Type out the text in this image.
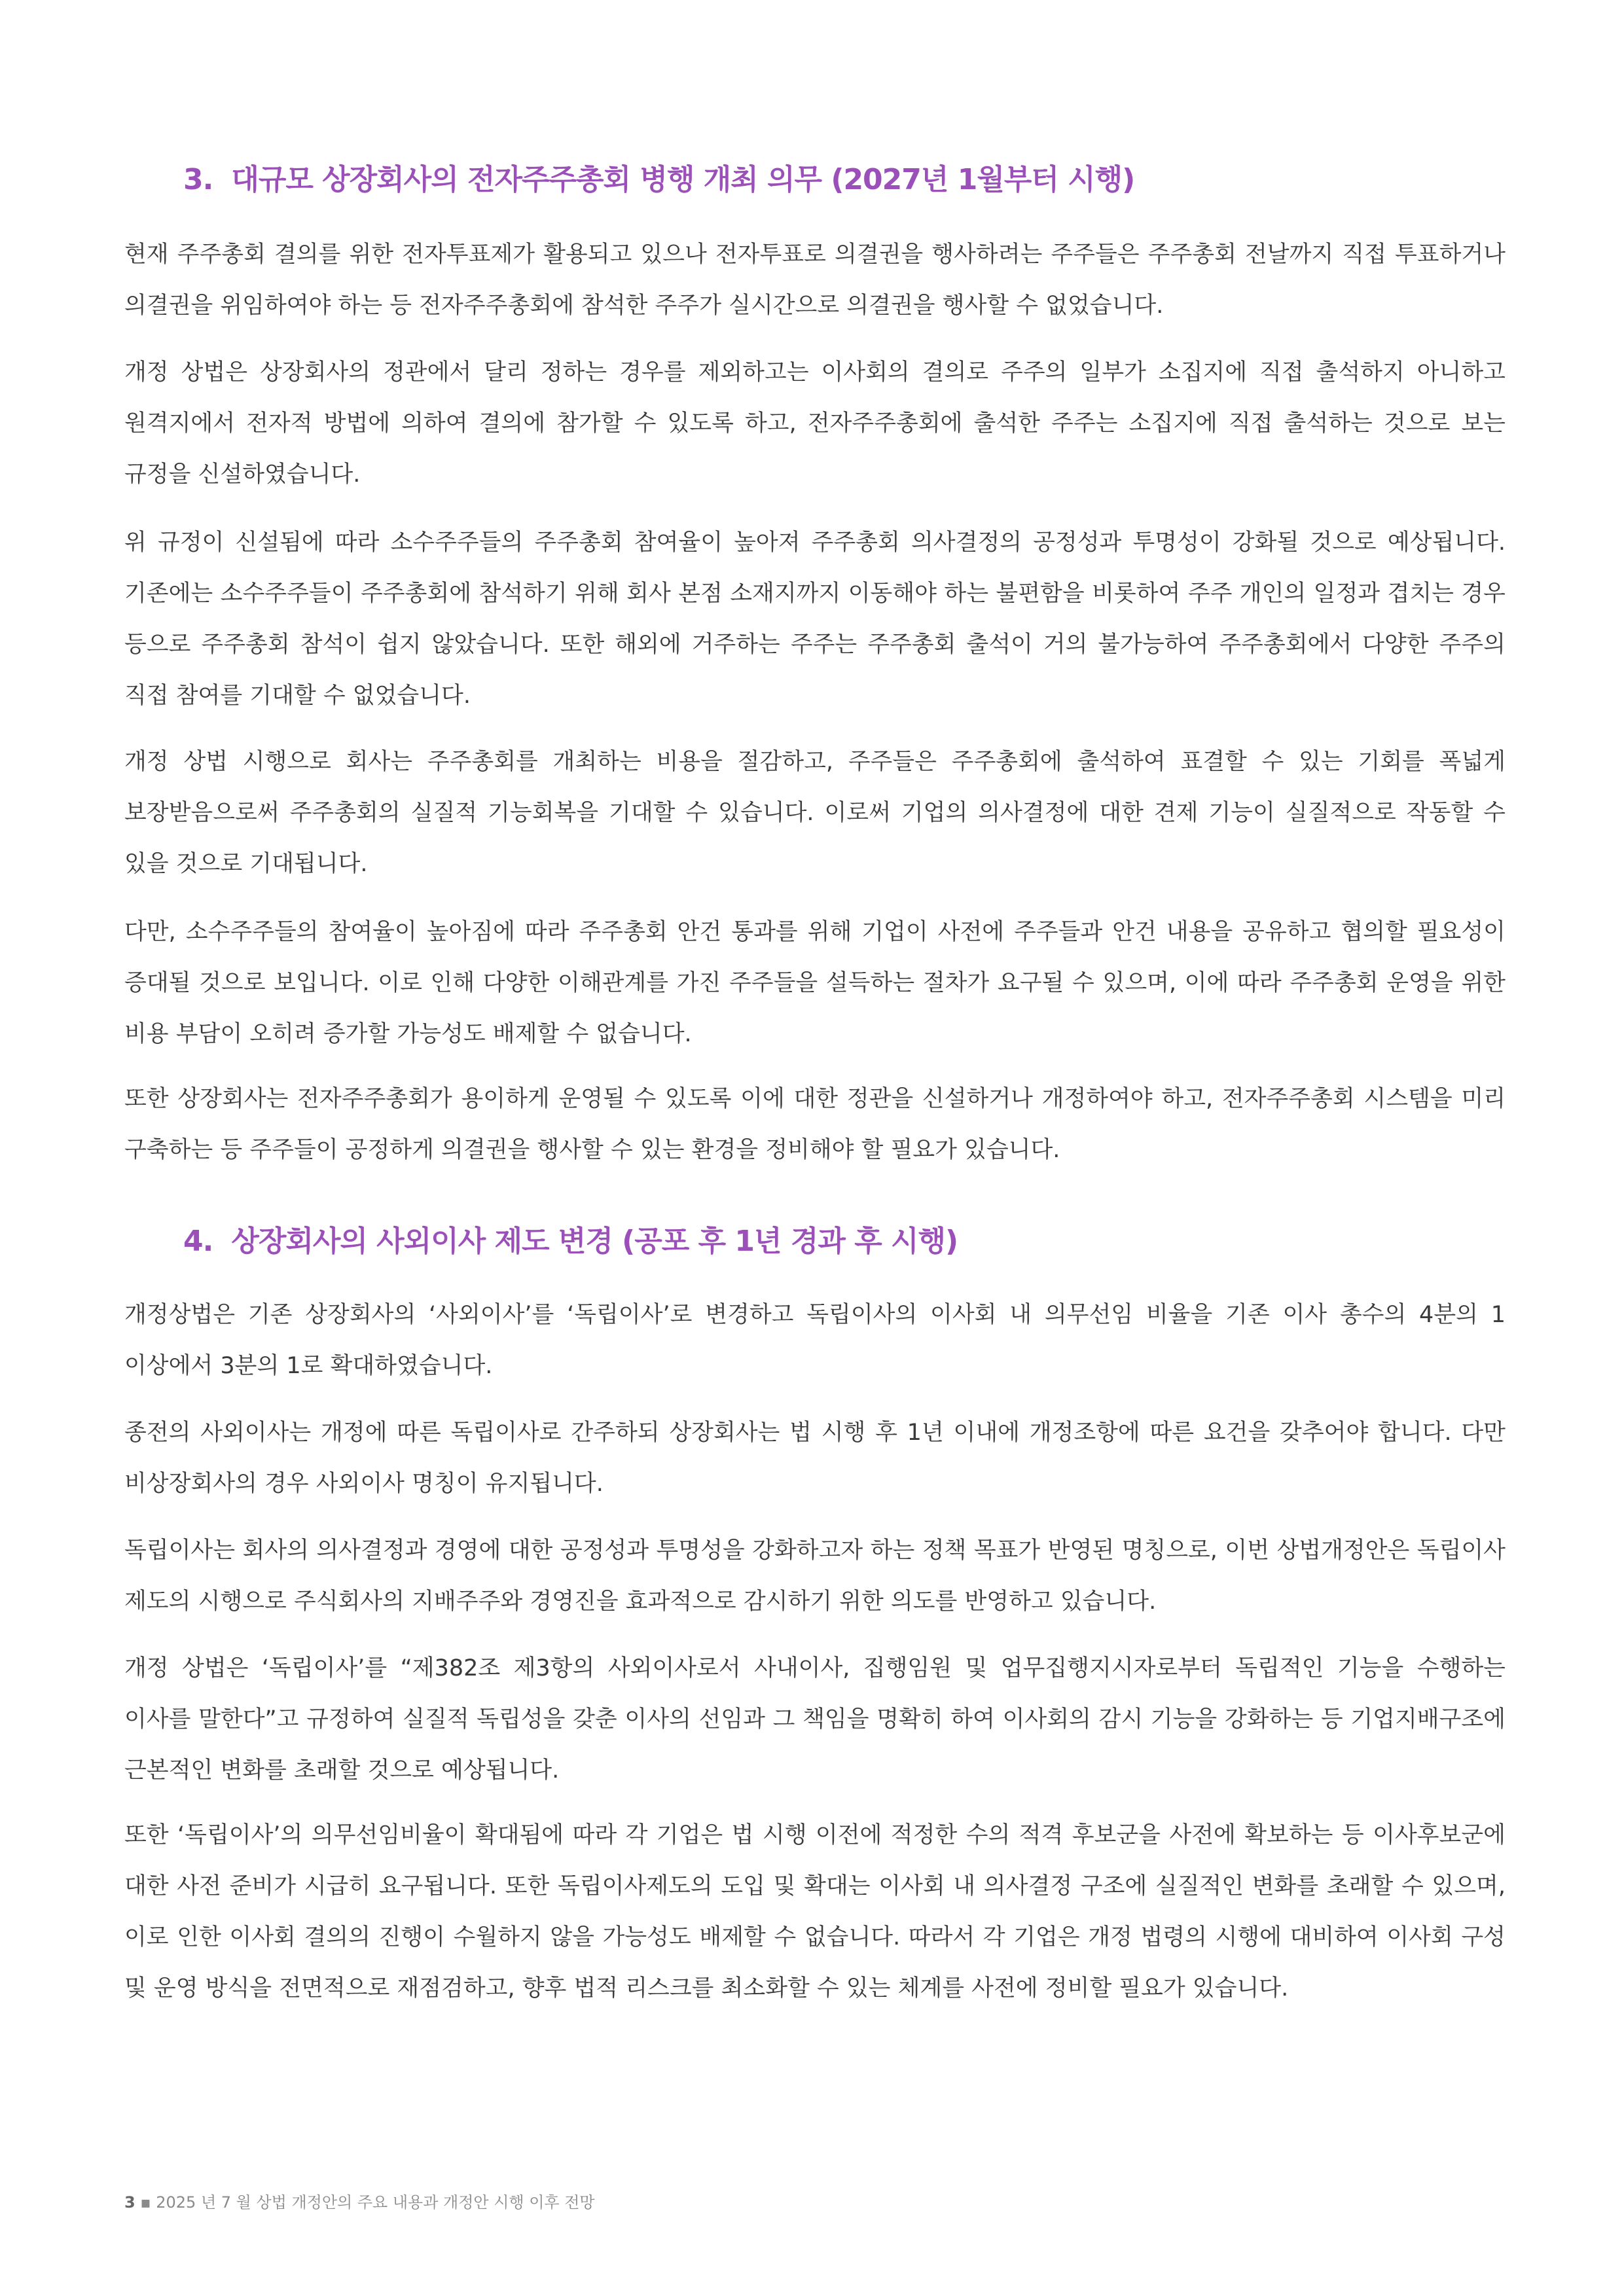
3. 대규모 상장회사의 전자주주총회 병행 개최 의무 (2027년 1월부터 시행)

현재 주주총회 결의를 위한 전자투표제가 활용되고 있으나 전자투표로 의결권을 행사하려는 주주들은 주주총회 전날까지 직접 투표하거나 의결권을 위임하여야 하는 등 전자주주총회에 참석한 주주가 실시간으로 의결권을 행사할 수 없었습니다.

개정 상법은 상장회사의 정관에서 달리 정하는 경우를 제외하고는 이사회의 결의로 주주의 일부가 소집지에 직접 출석하지 아니하고 원격지에서 전자적 방법에 의하여 결의에 참가할 수 있도록 하고, 전자주주총회에 출석한 주주는 소집지에 직접 출석하는 것으로 보는 규정을 신설하였습니다.

위 규정이 신설됨에 따라 소수주주들의 주주총회 참여율이 높아져 주주총회 의사결정의 공정성과 투명성이 강화될 것으로 예상됩니다. 기존에는 소수주주들이 주주총회에 참석하기 위해 회사 본점 소재지까지 이동해야 하는 불편함을 비롯하여 주주 개인의 일정과 겹치는 경우 등으로 주주총회 참석이 쉽지 않았습니다. 또한 해외에 거주하는 주주는 주주총회 출석이 거의 불가능하여 주주총회에서 다양한 주주의 직접 참여를 기대할 수 없었습니다.

개정 상법 시행으로 회사는 주주총회를 개최하는 비용을 절감하고, 주주들은 주주총회에 출석하여 표결할 수 있는 기회를 폭넓게 보장받음으로써 주주총회의 실질적 기능회복을 기대할 수 있습니다. 이로써 기업의 의사결정에 대한 견제 기능이 실질적으로 작동할 수 있을 것으로 기대됩니다.

다만, 소수주주들의 참여율이 높아짐에 따라 주주총회 안건 통과를 위해 기업이 사전에 주주들과 안건 내용을 공유하고 협의할 필요성이 증대될 것으로 보입니다. 이로 인해 다양한 이해관계를 가진 주주들을 설득하는 절차가 요구될 수 있으며, 이에 따라 주주총회 운영을 위한 비용 부담이 오히려 증가할 가능성도 배제할 수 없습니다.

또한 상장회사는 전자주주총회가 용이하게 운영될 수 있도록 이에 대한 정관을 신설하거나 개정하여야 하고, 전자주주총회 시스템을 미리 구축하는 등 주주들이 공정하게 의결권을 행사할 수 있는 환경을 정비해야 할 필요가 있습니다.

4. 상장회사의 사외이사 제도 변경 (공포 후 1년 경과 후 시행)

개정상법은 기존 상장회사의 ‘사외이사’를 ‘독립이사’로 변경하고 독립이사의 이사회 내 의무선임 비율을 기존 이사 총수의 4분의 1 이상에서 3분의 1로 확대하였습니다.

종전의 사외이사는 개정에 따른 독립이사로 간주하되 상장회사는 법 시행 후 1년 이내에 개정조항에 따른 요건을 갖추어야 합니다. 다만 비상장회사의 경우 사외이사 명칭이 유지됩니다.

독립이사는 회사의 의사결정과 경영에 대한 공정성과 투명성을 강화하고자 하는 정책 목표가 반영된 명칭으로, 이번 상법개정안은 독립이사 제도의 시행으로 주식회사의 지배주주와 경영진을 효과적으로 감시하기 위한 의도를 반영하고 있습니다.

개정 상법은 ‘독립이사’를 “제382조 제3항의 사외이사로서 사내이사, 집행임원 및 업무집행지시자로부터 독립적인 기능을 수행하는 이사를 말한다”고 규정하여 실질적 독립성을 갖춘 이사의 선임과 그 책임을 명확히 하여 이사회의 감시 기능을 강화하는 등 기업지배구조에 근본적인 변화를 초래할 것으로 예상됩니다.

또한 ‘독립이사’의 의무선임비율이 확대됨에 따라 각 기업은 법 시행 이전에 적정한 수의 적격 후보군을 사전에 확보하는 등 이사후보군에 대한 사전 준비가 시급히 요구됩니다. 또한 독립이사제도의 도입 및 확대는 이사회 내 의사결정 구조에 실질적인 변화를 초래할 수 있으며, 이로 인한 이사회 결의의 진행이 수월하지 않을 가능성도 배제할 수 없습니다. 따라서 각 기업은 개정 법령의 시행에 대비하여 이사회 구성 및 운영 방식을 전면적으로 재점검하고, 향후 법적 리스크를 최소화할 수 있는 체계를 사전에 정비할 필요가 있습니다.

3 ▪ 2025 년 7 월 상법 개정안의 주요 내용과 개정안 시행 이후 전망
